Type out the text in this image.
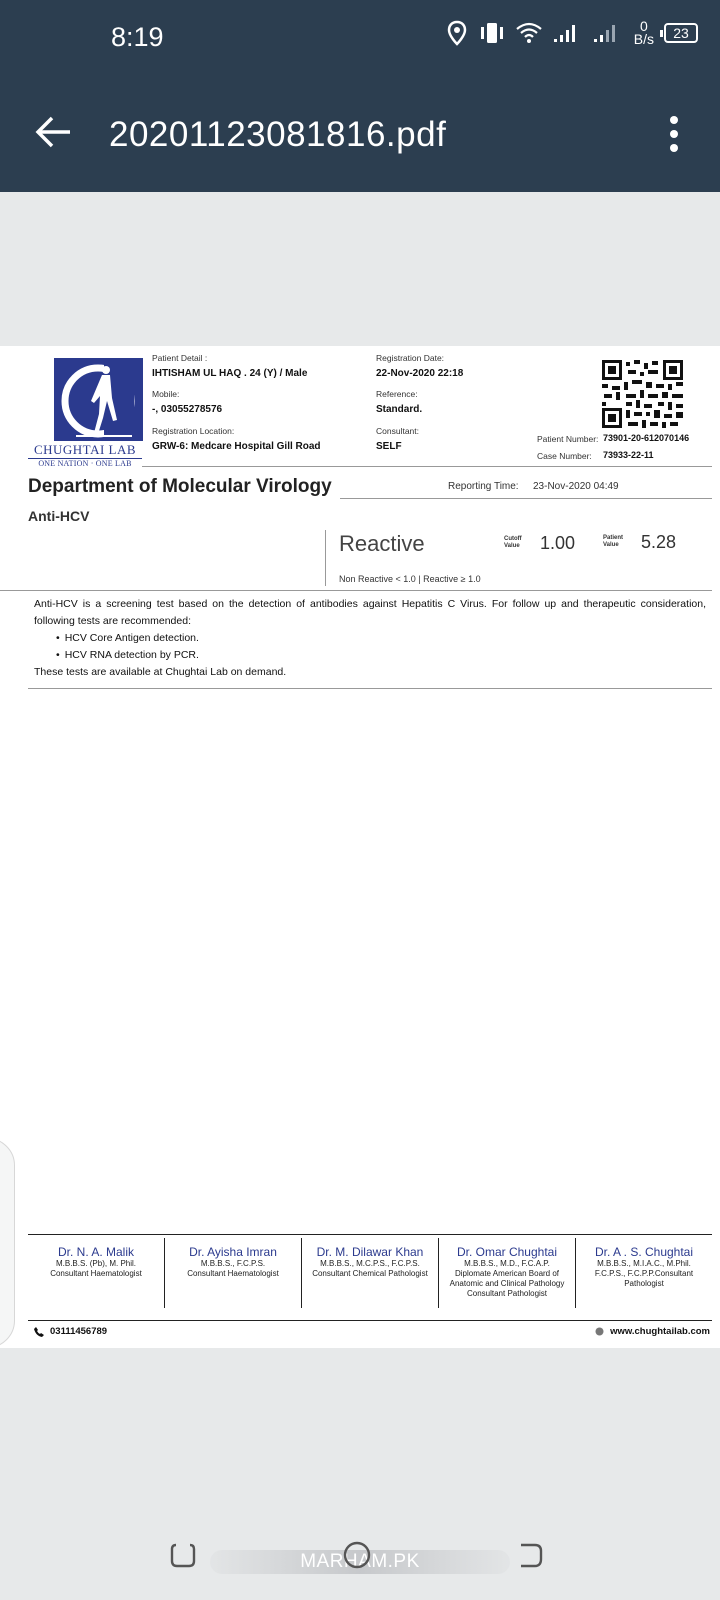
8:19	0
B/s	23
20201123081816.pdf
CHUGHTAI LAB
ONE NATION · ONE LAB
Patient Detail :
IHTISHAM UL HAQ . 24 (Y) / Male
Mobile:
-, 03055278576
Registration Location:
GRW-6: Medcare Hospital Gill Road
Registration Date:
22-Nov-2020 22:18
Reference:
Standard.
Consultant:
SELF
Patient Number: 73901-20-612070146
Case Number: 73933-22-11
Department of Molecular Virology	Reporting Time: 23-Nov-2020 04:49
Anti-HCV
Reactive	Cutoff
Value 1.00	Patient
Value 5.28
Non Reactive < 1.0 | Reactive ≥ 1.0

Anti-HCV is a screening test based on the detection of antibodies against Hepatitis C Virus. For follow up and therapeutic consideration, following tests are recommended:

• HCV Core Antigen detection.
• HCV RNA detection by PCR.

These tests are available at Chughtai Lab on demand.

Dr. N. A. Malik
M.B.B.S. (Pb), M. Phil.
Consultant Haematologist
Dr. Ayisha Imran
M.B.B.S., F.C.P.S.
Consultant Haematologist
Dr. M. Dilawar Khan
M.B.B.S., M.C.P.S., F.C.P.S.
Consultant Chemical Pathologist
Dr. Omar Chughtai
M.B.B.S., M.D., F.C.A.P.
Diplomate American Board of Anatomic and Clinical Pathology Consultant Pathologist
Dr. A . S. Chughtai
M.B.B.S., M.I.A.C., M.Phil.
F.C.P.S., F.C.P.P.Consultant Pathologist
03111456789	www.chughtailab.com
MARHAM.PK
